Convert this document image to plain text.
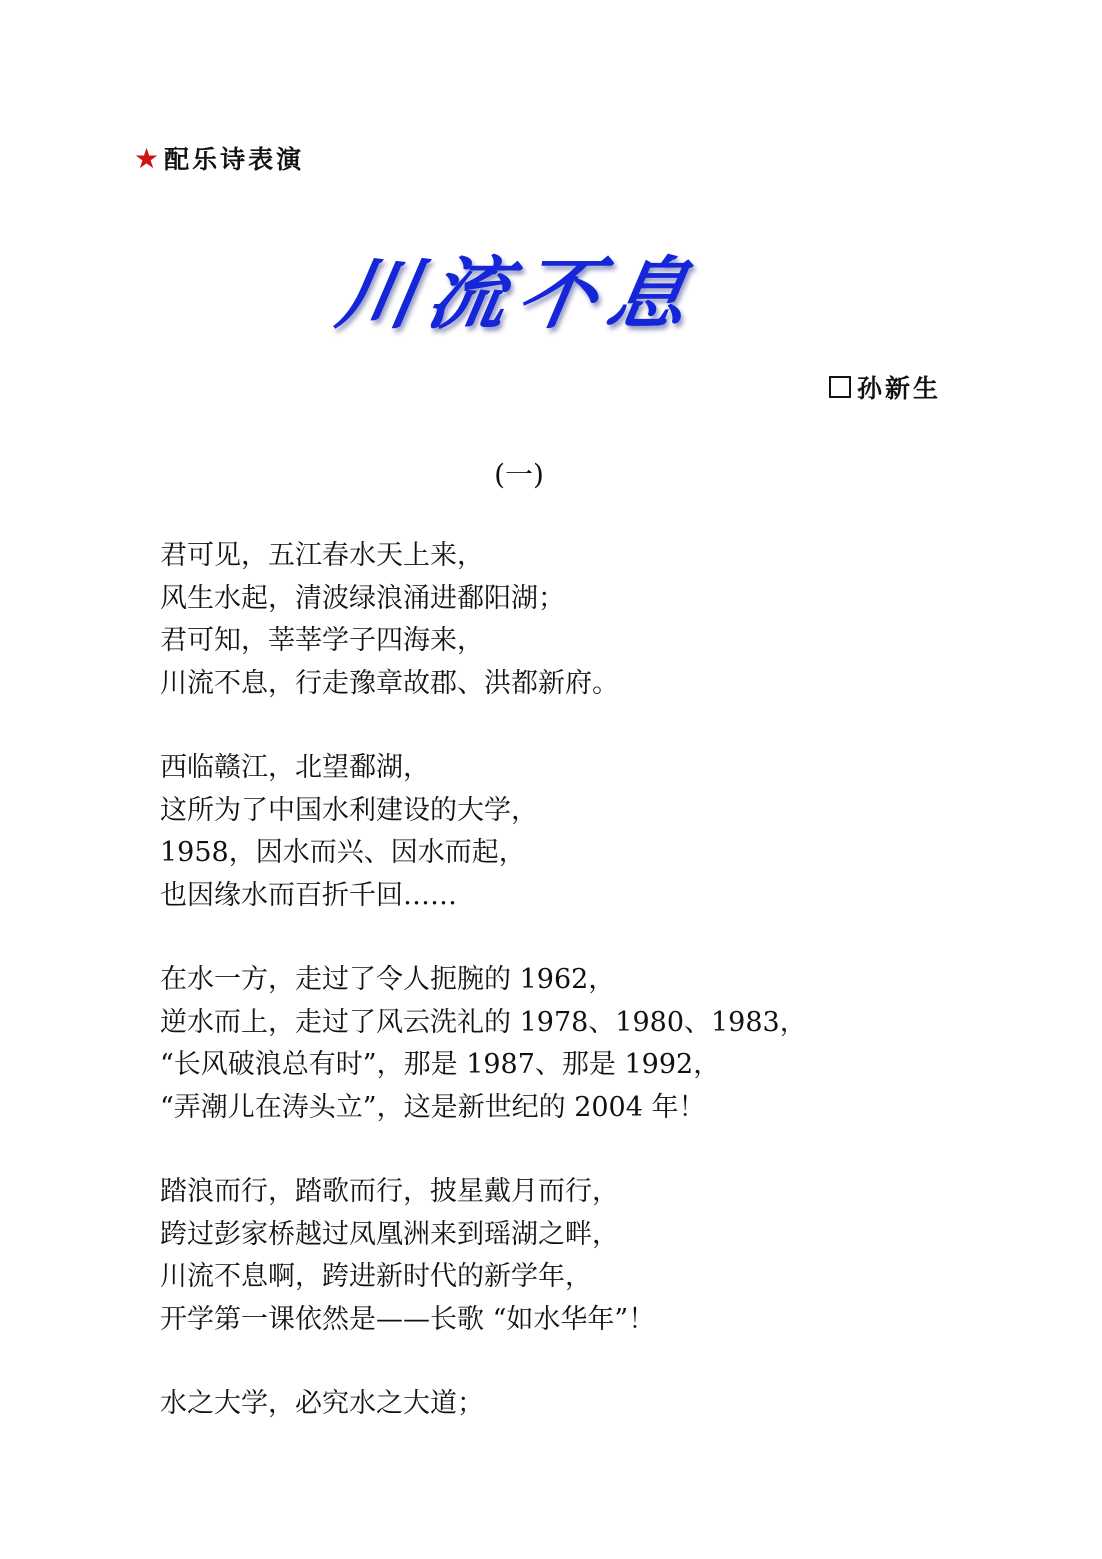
★ 配乐诗表演
川流不息
孙新生
(一)
君可见，五江春水天上来，
风生水起，清波绿浪涌进鄱阳湖；
君可知，莘莘学子四海来，
川流不息，行走豫章故郡、洪都新府。
西临赣江，北望鄱湖，
这所为了中国水利建设的大学，
1958，因水而兴、因水而起，
也因缘水而百折千回……
在水一方，走过了令人扼腕的 1962，
逆水而上，走过了风云洗礼的 1978、1980、1983，
“长风破浪总有时”，那是 1987、那是 1992，
“弄潮儿在涛头立”，这是新世纪的 2004 年！
踏浪而行，踏歌而行，披星戴月而行，
跨过彭家桥越过凤凰洲来到瑶湖之畔，
川流不息啊，跨进新时代的新学年，
开学第一课依然是——长歌 “如水华年”！
水之大学，必究水之大道；
